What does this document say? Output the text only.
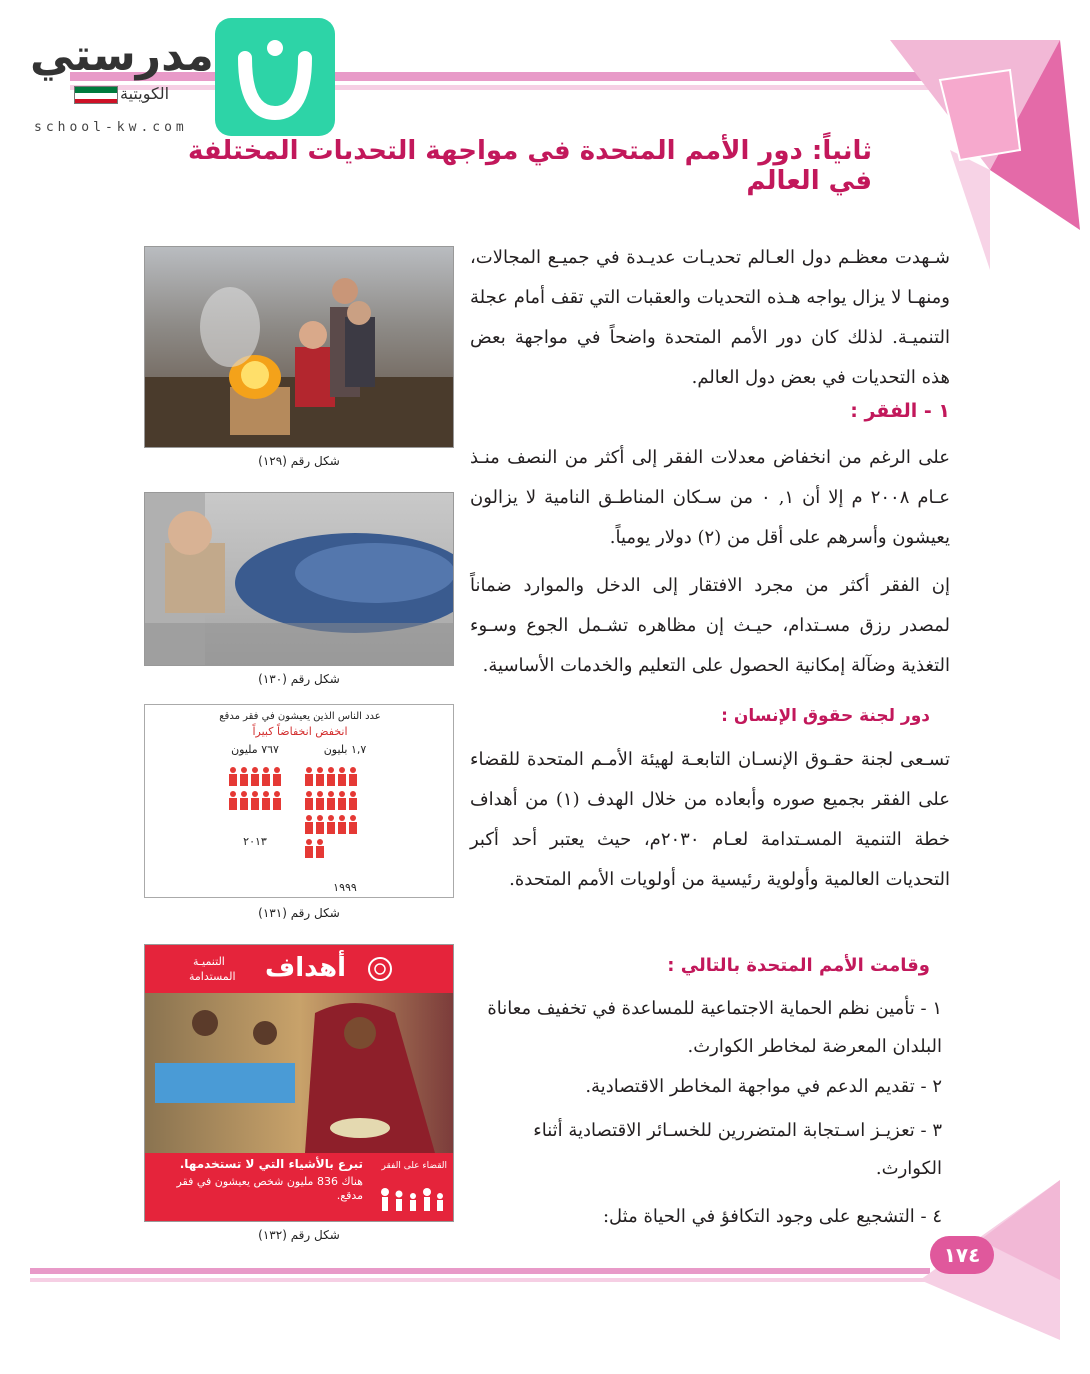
مدرستي
الكويتية
school-kw.com
ثانياً: دور الأمم المتحدة في مواجهة التحديات المختلفة في العالم
شـهدت معظـم دول العـالم تحديـات عديـدة في جميـع المجالات، ومنهـا لا يزال يواجه هـذه التحديات والعقبات التي تقف أمام عجلة التنميـة. لذلك كان دور الأمم المتحدة واضحاً في مواجهة بعض هذه التحديات في بعض دول العالم.
١ - الفقر :
على الرغم من انخفاض معدلات الفقر إلى أكثر من النصف منـذ عـام ٢٠٠٨ م إلا أن ١, ٠ من سـكان المناطـق النامية لا يزالون يعيشون وأسرهم على أقل من (٢) دولار يومياً.
إن الفقر أكثر من مجرد الافتقار إلى الدخل والموارد ضماناً لمصدر رزق مسـتدام، حيـث إن مظاهره تشـمل الجوع وسـوء التغذية وضآلة إمكانية الحصول على التعليم والخدمات الأساسية.
دور لجنة حقوق الإنسان :
تسـعى لجنة حقـوق الإنسـان التابعـة لهيئة الأمـم المتحدة للقضاء على الفقر بجميع صوره وأبعاده من خلال الهدف (١) من أهداف خطة التنمية المسـتدامة لعـام ٢٠٣٠م، حيث يعتبر أحد أكبر التحديات العالمية وأولوية رئيسية من أولويات الأمم المتحدة.
وقامت الأمم المتحدة بالتالي :
١ - تأمين نظم الحماية الاجتماعية للمساعدة في تخفيف معاناة البلدان المعرضة لمخاطر الكوارث.
٢ - تقديم الدعم في مواجهة المخاطر الاقتصادية.
٣ - تعزيـز اسـتجابة المتضررين للخسـائر الاقتصادية أثناء الكوارث.
٤ - التشجيع على وجود التكافؤ في الحياة مثل:
شكل رقم (١٢٩)
شكل رقم (١٣٠)
عدد الناس الذين يعيشون في فقر مدقع
انخفض انخفاضاً كبيراً
٧٦٧ مليون	١,٧ بليون
٢٠١٣
١٩٩٩
شكل رقم (١٣١)
أهداف
التنميـة
المستدامة
القضاء على الفقر
تبرع بالأشياء التي لا تستخدمها.
هناك 836 مليون شخص يعيشون في فقر مدقع.
شكل رقم (١٣٢)
١٧٤
